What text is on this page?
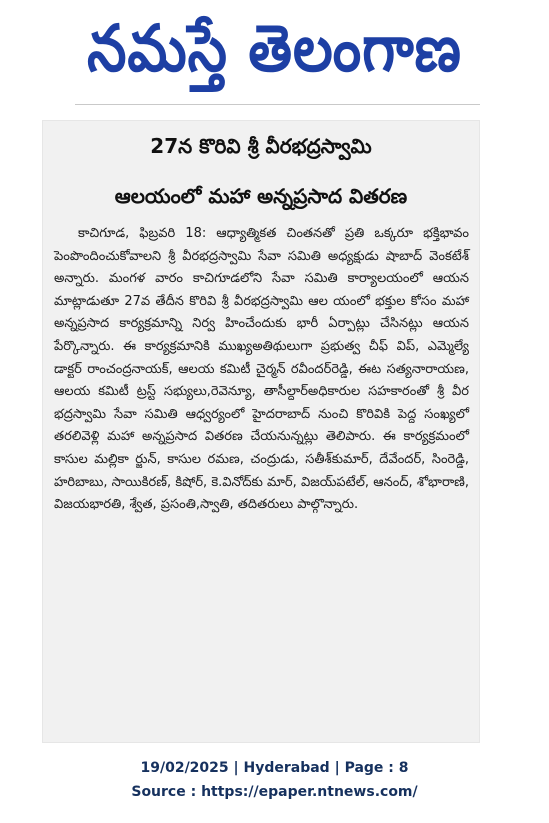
నమస్తే తెలంగాణ
27న కొరివి శ్రీ వీరభద్రస్వామి
ఆలయంలో మహా అన్నప్రసాద వితరణ
కాచిగూడ, ఫిబ్రవరి 18: ఆధ్యాత్మికత చింతనతో ప్రతి ఒక్కరూ భక్తిభావం పెంపొందించుకోవాలని శ్రీ వీరభద్రస్వామి సేవా సమితి అధ్యక్షుడు షాబాద్ వెంకటేశ్ అన్నారు. మంగళ వారం కాచిగూడలోని సేవా సమితి కార్యాలయంలో ఆయన మాట్లాడుతూ 27వ తేదీన కొరివి శ్రీ వీరభద్రస్వామి ఆల యంలో భక్తుల కోసం మహా అన్నప్రసాద కార్యక్రమాన్ని నిర్వ హించేందుకు భారీ ఏర్పాట్లు చేసినట్లు ఆయన పేర్కొన్నారు. ఈ కార్యక్రమానికి ముఖ్యఅతిథులుగా ప్రభుత్వ చీఫ్ విప్, ఎమ్మెల్యే డాక్టర్ రాంచంద్రనాయక్, ఆలయ కమిటీ చైర్మన్ రవీందర్‌రెడ్డి, ఈట సత్యనారాయణ, ఆలయ కమిటీ ట్రస్ట్ సభ్యులు,రెవెన్యూ, తాసీల్దార్‌అధికారుల సహకారంతో శ్రీ వీర భద్రస్వామి సేవా సమితి ఆధ్వర్యంలో హైదరాబాద్ నుంచి కొరివికి పెద్ద సంఖ్యలో తరలివెళ్లి మహా అన్నప్రసాద వితరణ చేయనున్నట్లు తెలిపారు. ఈ కార్యక్రమంలో కాసుల మల్లికా ర్జున్, కాసుల రమణ, చంద్రుడు, సతీశ్‌కుమార్, దేవేందర్, సింరెడ్డి, హరిబాబు, సాయికిరణ్, కిషోర్, కె.వినోద్‌కు మార్, విజయ్‌పటేల్, ఆనంద్, శోభారాణి, విజయభారతి, శ్వేత, ప్రసంతి,స్వాతి, తదితరులు పాల్గొన్నారు.
19/02/2025 | Hyderabad | Page : 8
Source : https://epaper.ntnews.com/
